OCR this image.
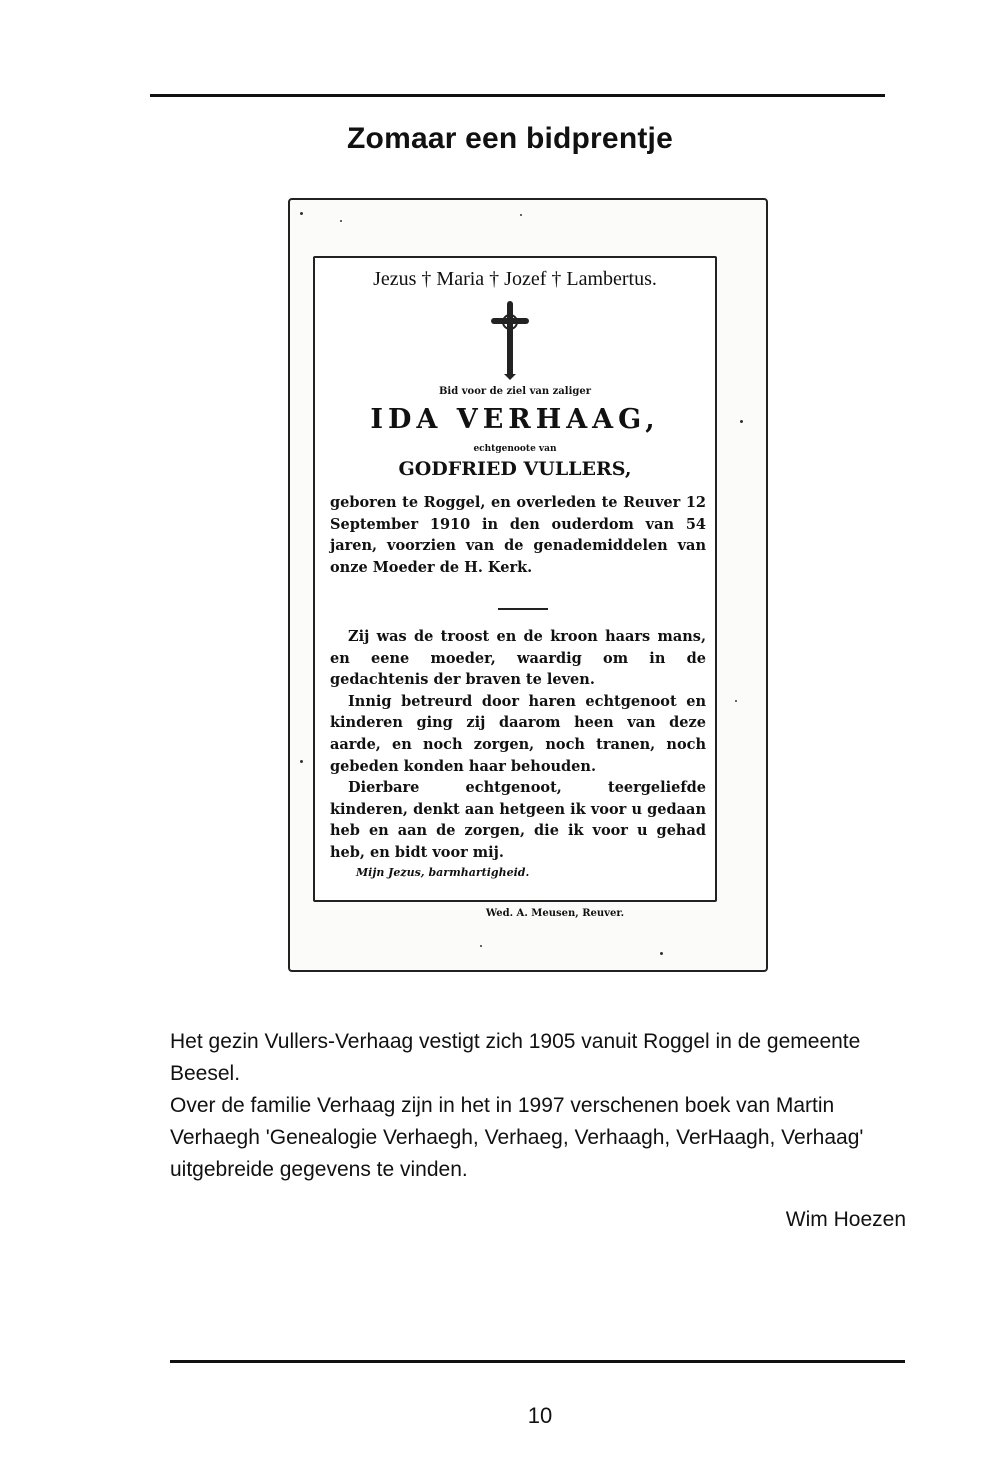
Zomaar een bidprentje
Jezus † Maria † Jozef † Lambertus.
Bid voor de ziel van zaliger
IDA VERHAAG,
echtgenoote van
GODFRIED VULLERS,

geboren te Roggel, en overleden te Reuver 12 September 1910 in den ouderdom van 54 jaren, voorzien van de genademiddelen van onze Moeder de H. Kerk.

Zij was de troost en de kroon haars mans, en eene moeder, waardig om in de gedachtenis der braven te leven.

Innig betreurd door haren echtgenoot en kinderen ging zij daarom heen van deze aarde, en noch zorgen, noch tranen, noch gebeden konden haar behouden.

Dierbare echtgenoot, teergeliefde kinderen, denkt aan hetgeen ik voor u gedaan heb en aan de zorgen, die ik voor u gehad heb, en bidt voor mij.

Mijn Jezus, barmhartigheid.
Wed. A. Meusen, Reuver.

Het gezin Vullers-Verhaag vestigt zich 1905 vanuit Roggel in de gemeente Beesel.

Over de familie Verhaag zijn in het in 1997 verschenen boek van Martin Verhaegh 'Genealogie Verhaegh, Verhaeg, Verhaagh, VerHaagh, Verhaag' uitgebreide gegevens te vinden.

Wim Hoezen
10
